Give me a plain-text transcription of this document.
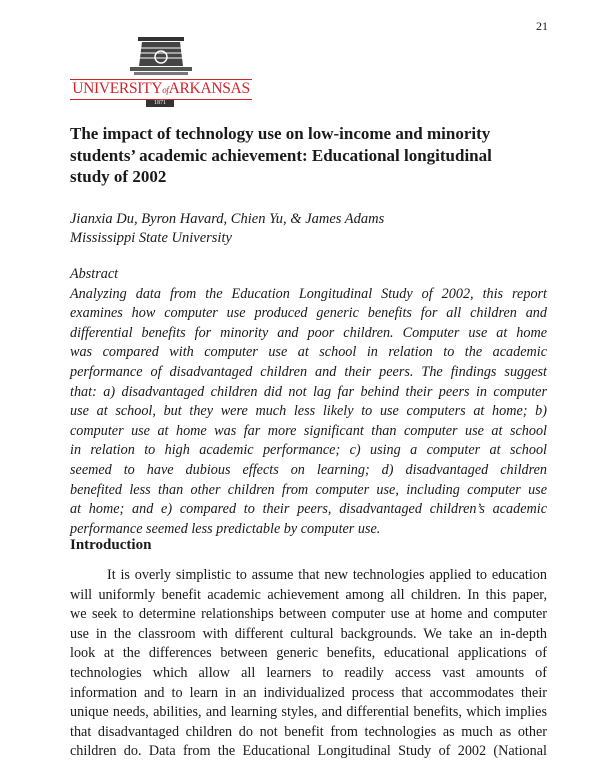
21
UNIVERSITYofARKANSAS
1871
The impact of technology use on low-income and minority
students’ academic achievement: Educational longitudinal
study of 2002
Jianxia Du, Byron Havard, Chien Yu, & James Adams
Mississippi State University
Abstract
Analyzing data from the Education Longitudinal Study of 2002, this report
examines how computer use produced generic benefits for all children and
differential benefits for minority and poor children. Computer use at home
was compared with computer use at school in relation to the academic
performance of disadvantaged children and their peers. The findings suggest
that: a) disadvantaged children did not lag far behind their peers in computer
use at school, but they were much less likely to use computers at home; b)
computer use at home was far more significant than computer use at school
in relation to high academic performance; c) using a computer at school
seemed to have dubious effects on learning; d) disadvantaged children
benefited less than other children from computer use, including computer use
at home; and e) compared to their peers, disadvantaged children’s academic
performance seemed less predictable by computer use.
Introduction
It is overly simplistic to assume that new technologies applied to education
will uniformly benefit academic achievement among all children. In this paper,
we seek to determine relationships between computer use at home and computer
use in the classroom with different cultural backgrounds. We take an in-depth
look at the differences between generic benefits, educational applications of
technologies which allow all learners to readily access vast amounts of
information and to learn in an individualized process that accommodates their
unique needs, abilities, and learning styles, and differential benefits, which implies
that disadvantaged children do not benefit from technologies as much as other
children do. Data from the Educational Longitudinal Study of 2002 (National
